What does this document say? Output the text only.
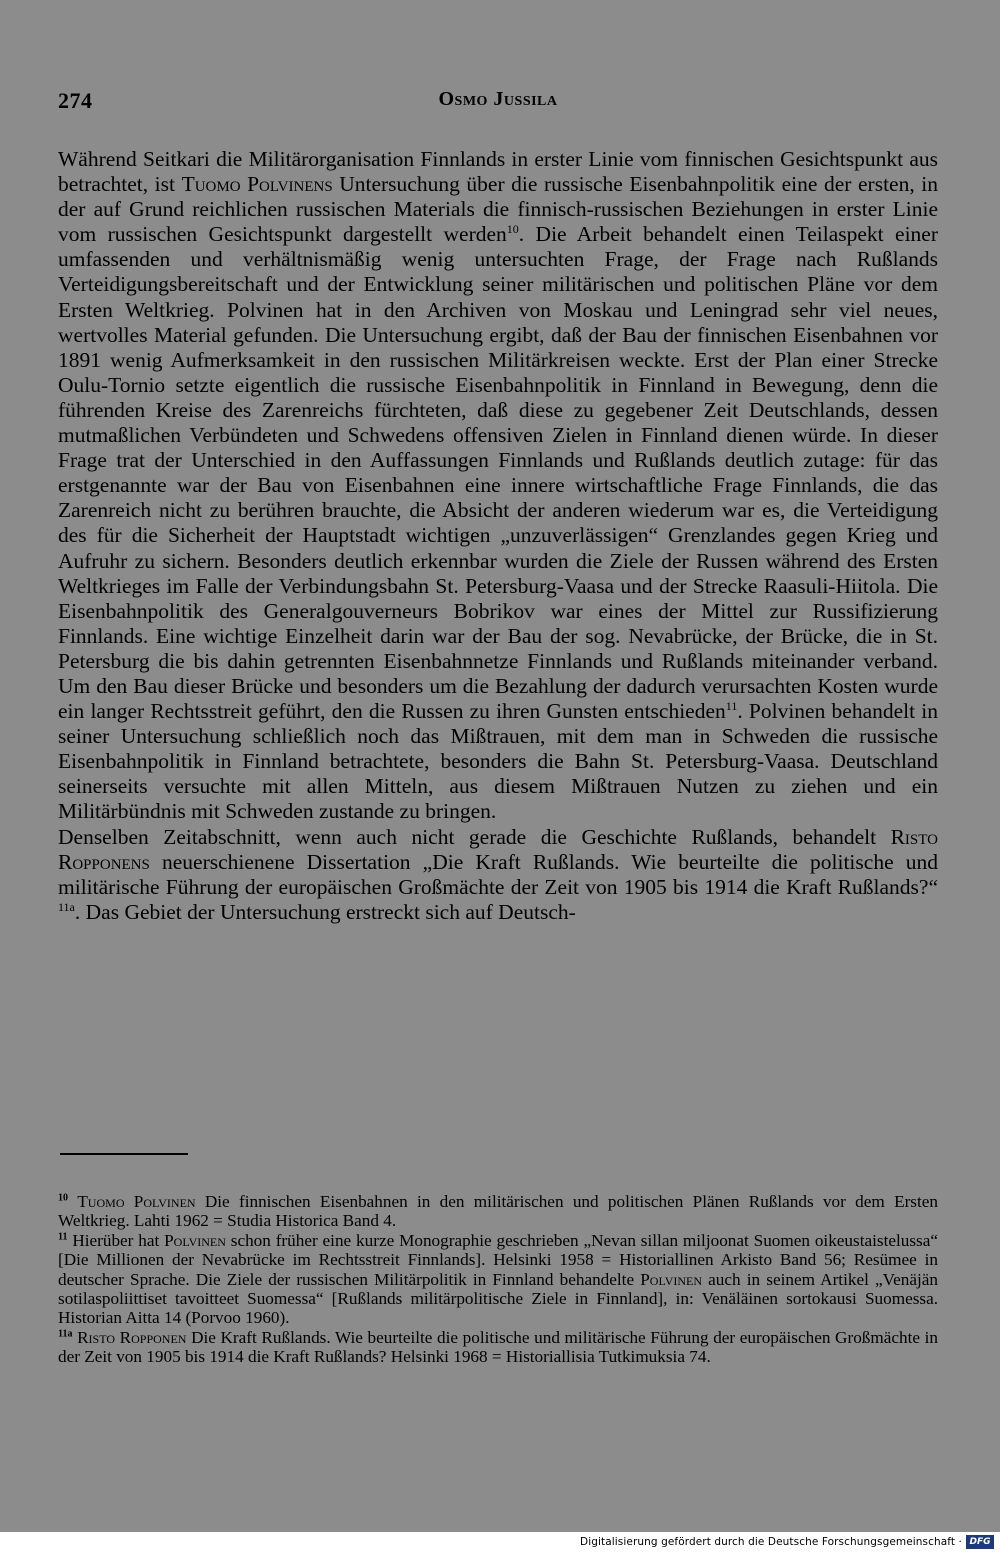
274	Osmo Jussila

Während Seitkari die Militärorganisation Finnlands in erster Linie vom finnischen Gesichtspunkt aus betrachtet, ist Tuomo Polvinens Untersuchung über die russische Eisenbahnpolitik eine der ersten, in der auf Grund reichlichen russischen Materials die finnisch-russischen Beziehungen in erster Linie vom russischen Gesichtspunkt dargestellt werden$^{10}$. Die Arbeit behandelt einen Teilaspekt einer umfassenden und verhältnismäßig wenig untersuchten Frage, der Frage nach Rußlands Verteidigungsbereitschaft und der Entwicklung seiner militärischen und politischen Pläne vor dem Ersten Weltkrieg. Polvinen hat in den Archiven von Moskau und Leningrad sehr viel neues, wertvolles Material gefunden. Die Untersuchung ergibt, daß der Bau der finnischen Eisenbahnen vor 1891 wenig Aufmerksamkeit in den russischen Militärkreisen weckte. Erst der Plan einer Strecke Oulu-Tornio setzte eigentlich die russische Eisenbahnpolitik in Finnland in Bewegung, denn die führenden Kreise des Zarenreichs fürchteten, daß diese zu gegebener Zeit Deutschlands, dessen mutmaßlichen Verbündeten und Schwedens offensiven Zielen in Finnland dienen würde. In dieser Frage trat der Unterschied in den Auffassungen Finnlands und Rußlands deutlich zutage: für das erstgenannte war der Bau von Eisenbahnen eine innere wirtschaftliche Frage Finnlands, die das Zarenreich nicht zu berühren brauchte, die Absicht der anderen wiederum war es, die Verteidigung des für die Sicherheit der Hauptstadt wichtigen „unzuverlässigen“ Grenzlandes gegen Krieg und Aufruhr zu sichern. Besonders deutlich erkennbar wurden die Ziele der Russen während des Ersten Weltkrieges im Falle der Verbindungsbahn St. Petersburg-Vaasa und der Strecke Raasuli-Hiitola. Die Eisenbahnpolitik des Generalgouverneurs Bobrikov war eines der Mittel zur Russifizierung Finnlands. Eine wichtige Einzelheit darin war der Bau der sog. Nevabrücke, der Brücke, die in St. Petersburg die bis dahin getrennten Eisenbahnnetze Finnlands und Rußlands miteinander verband. Um den Bau dieser Brücke und besonders um die Bezahlung der dadurch verursachten Kosten wurde ein langer Rechtsstreit geführt, den die Russen zu ihren Gunsten entschieden$^{11}$. Polvinen behandelt in seiner Untersuchung schließlich noch das Mißtrauen, mit dem man in Schweden die russische Eisenbahnpolitik in Finnland betrachtete, besonders die Bahn St. Petersburg-Vaasa. Deutschland seinerseits versuchte mit allen Mitteln, aus diesem Mißtrauen Nutzen zu ziehen und ein Militärbündnis mit Schweden zustande zu bringen.

Denselben Zeitabschnitt, wenn auch nicht gerade die Geschichte Rußlands, behandelt Risto Ropponens neuerschienene Dissertation „Die Kraft Rußlands. Wie beurteilte die politische und militärische Führung der europäischen Großmächte der Zeit von 1905 bis 1914 die Kraft Rußlands?“ $^{11a}$. Das Gebiet der Untersuchung erstreckt sich auf Deutsch-

$^{10}$ Tuomo Polvinen Die finnischen Eisenbahnen in den militärischen und politischen Plänen Rußlands vor dem Ersten Weltkrieg. Lahti 1962 = Studia Historica Band 4.

$^{11}$ Hierüber hat Polvinen schon früher eine kurze Monographie geschrieben „Nevan sillan miljoonat Suomen oikeustaistelussa“ [Die Millionen der Nevabrücke im Rechtsstreit Finnlands]. Helsinki 1958 = Historiallinen Arkisto Band 56; Resümee in deutscher Sprache. Die Ziele der russischen Militärpolitik in Finnland behandelte Polvinen auch in seinem Artikel „Venäjän sotilaspoliittiset tavoitteet Suomessa“ [Rußlands militärpolitische Ziele in Finnland], in: Venäläinen sortokausi Suomessa. Historian Aitta 14 (Porvoo 1960).

$^{11a}$ Risto Ropponen Die Kraft Rußlands. Wie beurteilte die politische und militärische Führung der europäischen Großmächte in der Zeit von 1905 bis 1914 die Kraft Rußlands? Helsinki 1968 = Historiallisia Tutkimuksia 74.

Digitalisierung gefördert durch die Deutsche Forschungsgemeinschaft · DFG
